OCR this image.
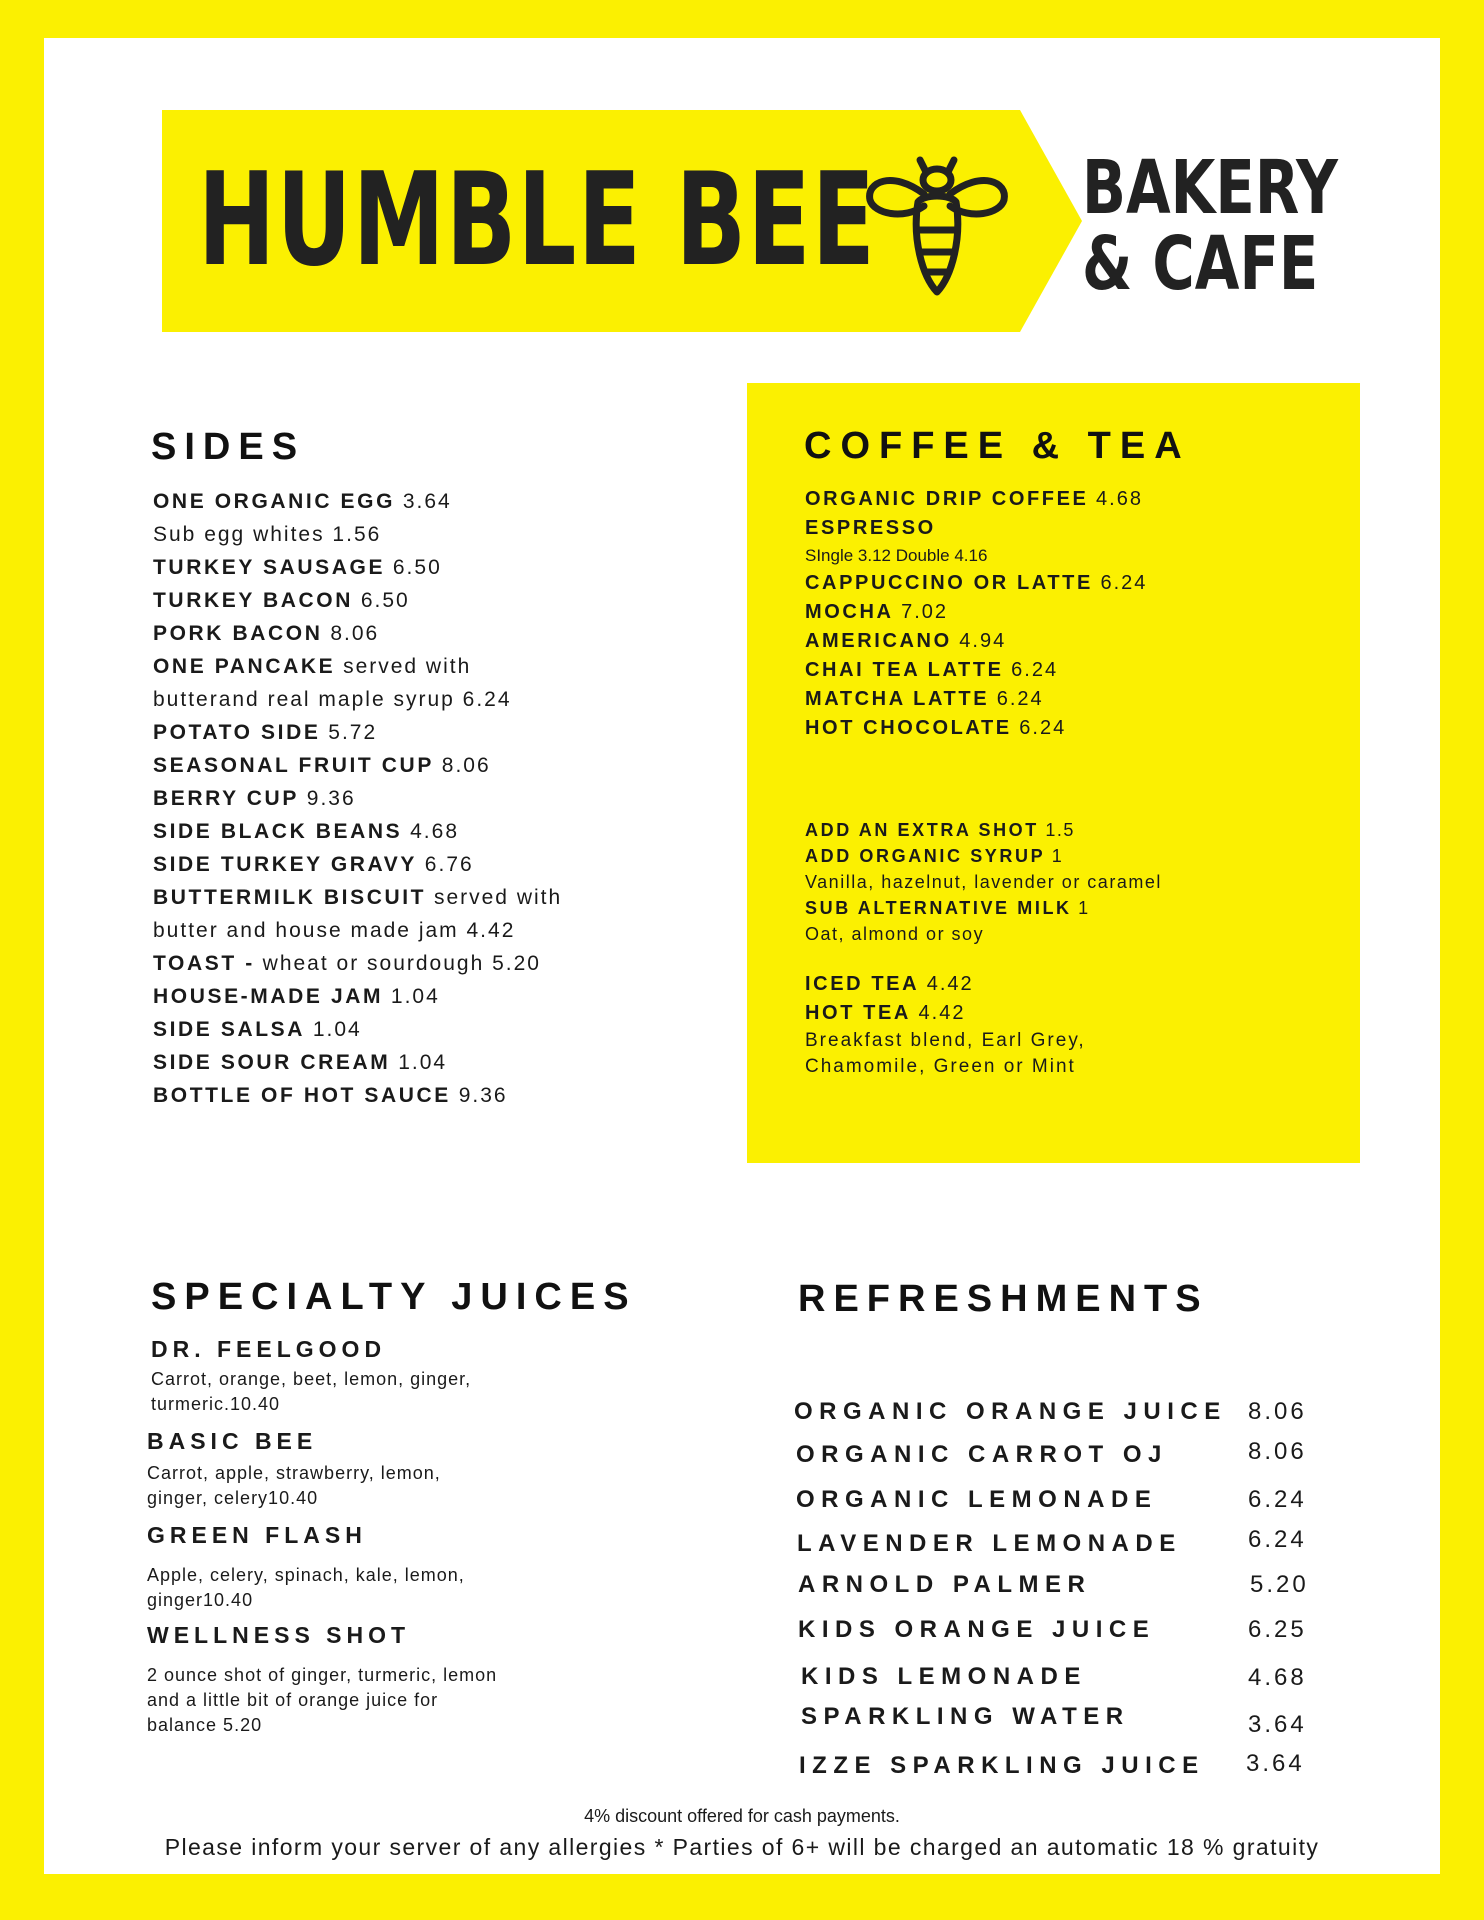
HUMBLE BEE	BAKERY
& CAFE
SIDES
ONE ORGANIC EGG 3.64
Sub egg whites 1.56
TURKEY SAUSAGE 6.50
TURKEY BACON 6.50
PORK BACON 8.06
ONE PANCAKE served with
butterand real maple syrup 6.24
POTATO SIDE 5.72
SEASONAL FRUIT CUP 8.06
BERRY CUP 9.36
SIDE BLACK BEANS 4.68
SIDE TURKEY GRAVY 6.76
BUTTERMILK BISCUIT served with
butter and house made jam 4.42
TOAST - wheat or sourdough 5.20
HOUSE-MADE JAM 1.04
SIDE SALSA 1.04
SIDE SOUR CREAM 1.04
BOTTLE OF HOT SAUCE 9.36
COFFEE & TEA
ORGANIC DRIP COFFEE 4.68
ESPRESSO
SIngle 3.12 Double 4.16
CAPPUCCINO OR LATTE 6.24
MOCHA 7.02
AMERICANO 4.94
CHAI TEA LATTE 6.24
MATCHA LATTE 6.24
HOT CHOCOLATE 6.24
ADD AN EXTRA SHOT 1.5
ADD ORGANIC SYRUP 1
Vanilla, hazelnut, lavender or caramel
SUB ALTERNATIVE MILK 1
Oat, almond or soy
ICED TEA 4.42
HOT TEA 4.42
Breakfast blend, Earl Grey,
Chamomile, Green or Mint
SPECIALTY JUICES
DR. FEELGOOD
Carrot, orange, beet, lemon, ginger,
turmeric.10.40
BASIC BEE
Carrot, apple, strawberry, lemon,
ginger, celery10.40
GREEN FLASH
Apple, celery, spinach, kale, lemon,
ginger10.40
WELLNESS SHOT
2 ounce shot of ginger, turmeric, lemon
and a little bit of orange juice for
balance 5.20
REFRESHMENTS
ORGANIC ORANGE JUICE 8.06
ORGANIC CARROT OJ	8.06
ORGANIC LEMONADE	6.24
LAVENDER LEMONADE	6.24
ARNOLD PALMER	5.20
KIDS ORANGE JUICE	6.25
KIDS LEMONADE	4.68
SPARKLING WATER	3.64
IZZE SPARKLING JUICE 3.64
4% discount offered for cash payments.
Please inform your server of any allergies * Parties of 6+ will be charged an automatic 18 % gratuity
